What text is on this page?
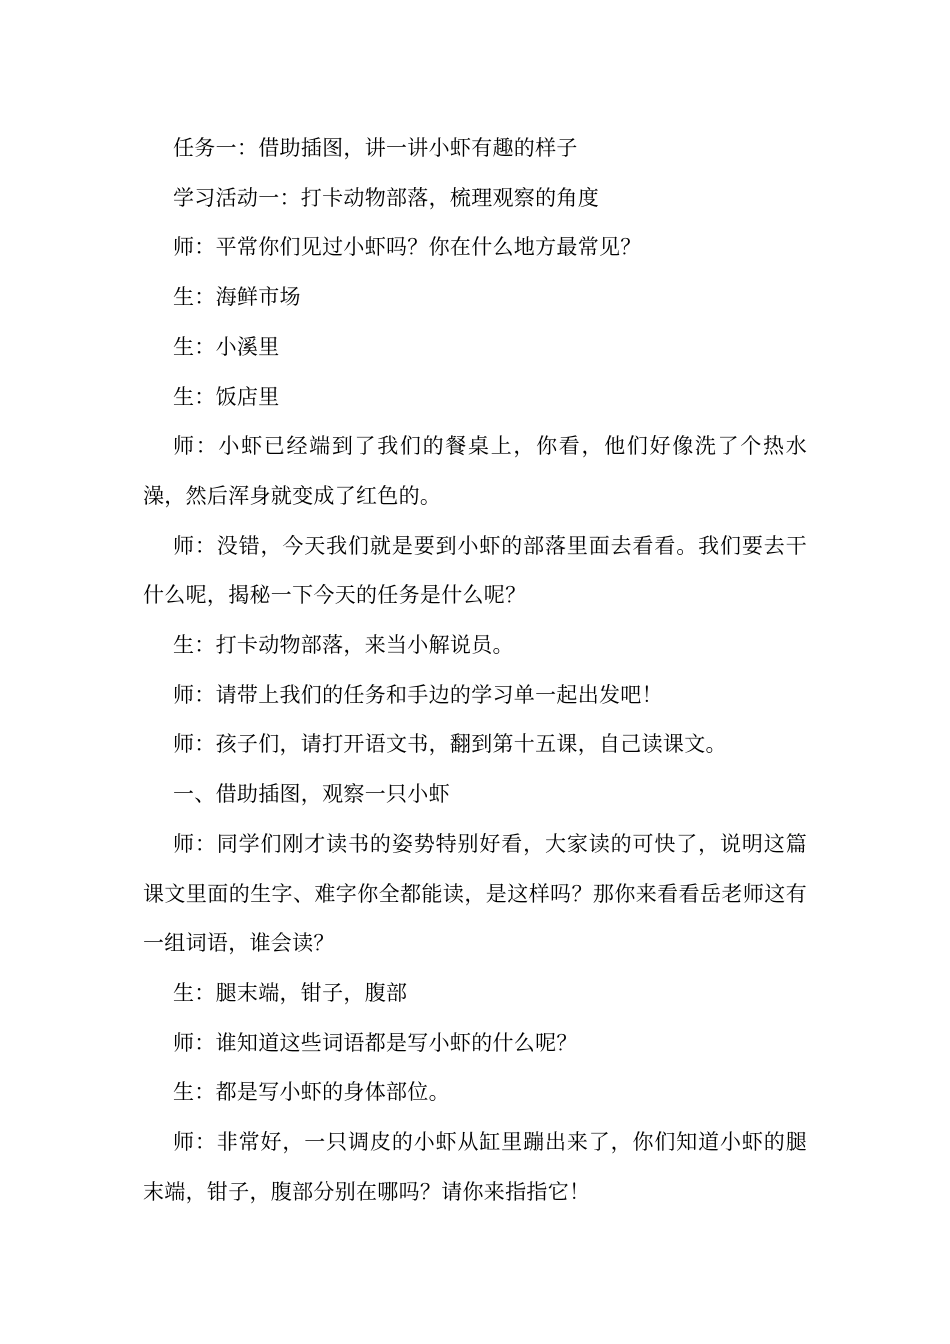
任务一：借助插图，讲一讲小虾有趣的样子

学习活动一：打卡动物部落，梳理观察的角度

师：平常你们见过小虾吗？你在什么地方最常见？

生：海鲜市场

生：小溪里

生：饭店里

师：小虾已经端到了我们的餐桌上，你看，他们好像洗了个热水澡，然后浑身就变成了红色的。

师：没错，今天我们就是要到小虾的部落里面去看看。我们要去干什么呢，揭秘一下今天的任务是什么呢？

生：打卡动物部落，来当小解说员。

师：请带上我们的任务和手边的学习单一起出发吧！

师：孩子们，请打开语文书，翻到第十五课，自己读课文。

一、借助插图，观察一只小虾

师：同学们刚才读书的姿势特别好看，大家读的可快了，说明这篇课文里面的生字、难字你全都能读，是这样吗？那你来看看岳老师这有一组词语，谁会读？

生：腿末端，钳子，腹部

师：谁知道这些词语都是写小虾的什么呢？

生：都是写小虾的身体部位。

师：非常好，一只调皮的小虾从缸里蹦出来了，你们知道小虾的腿末端，钳子，腹部分别在哪吗？请你来指指它！
